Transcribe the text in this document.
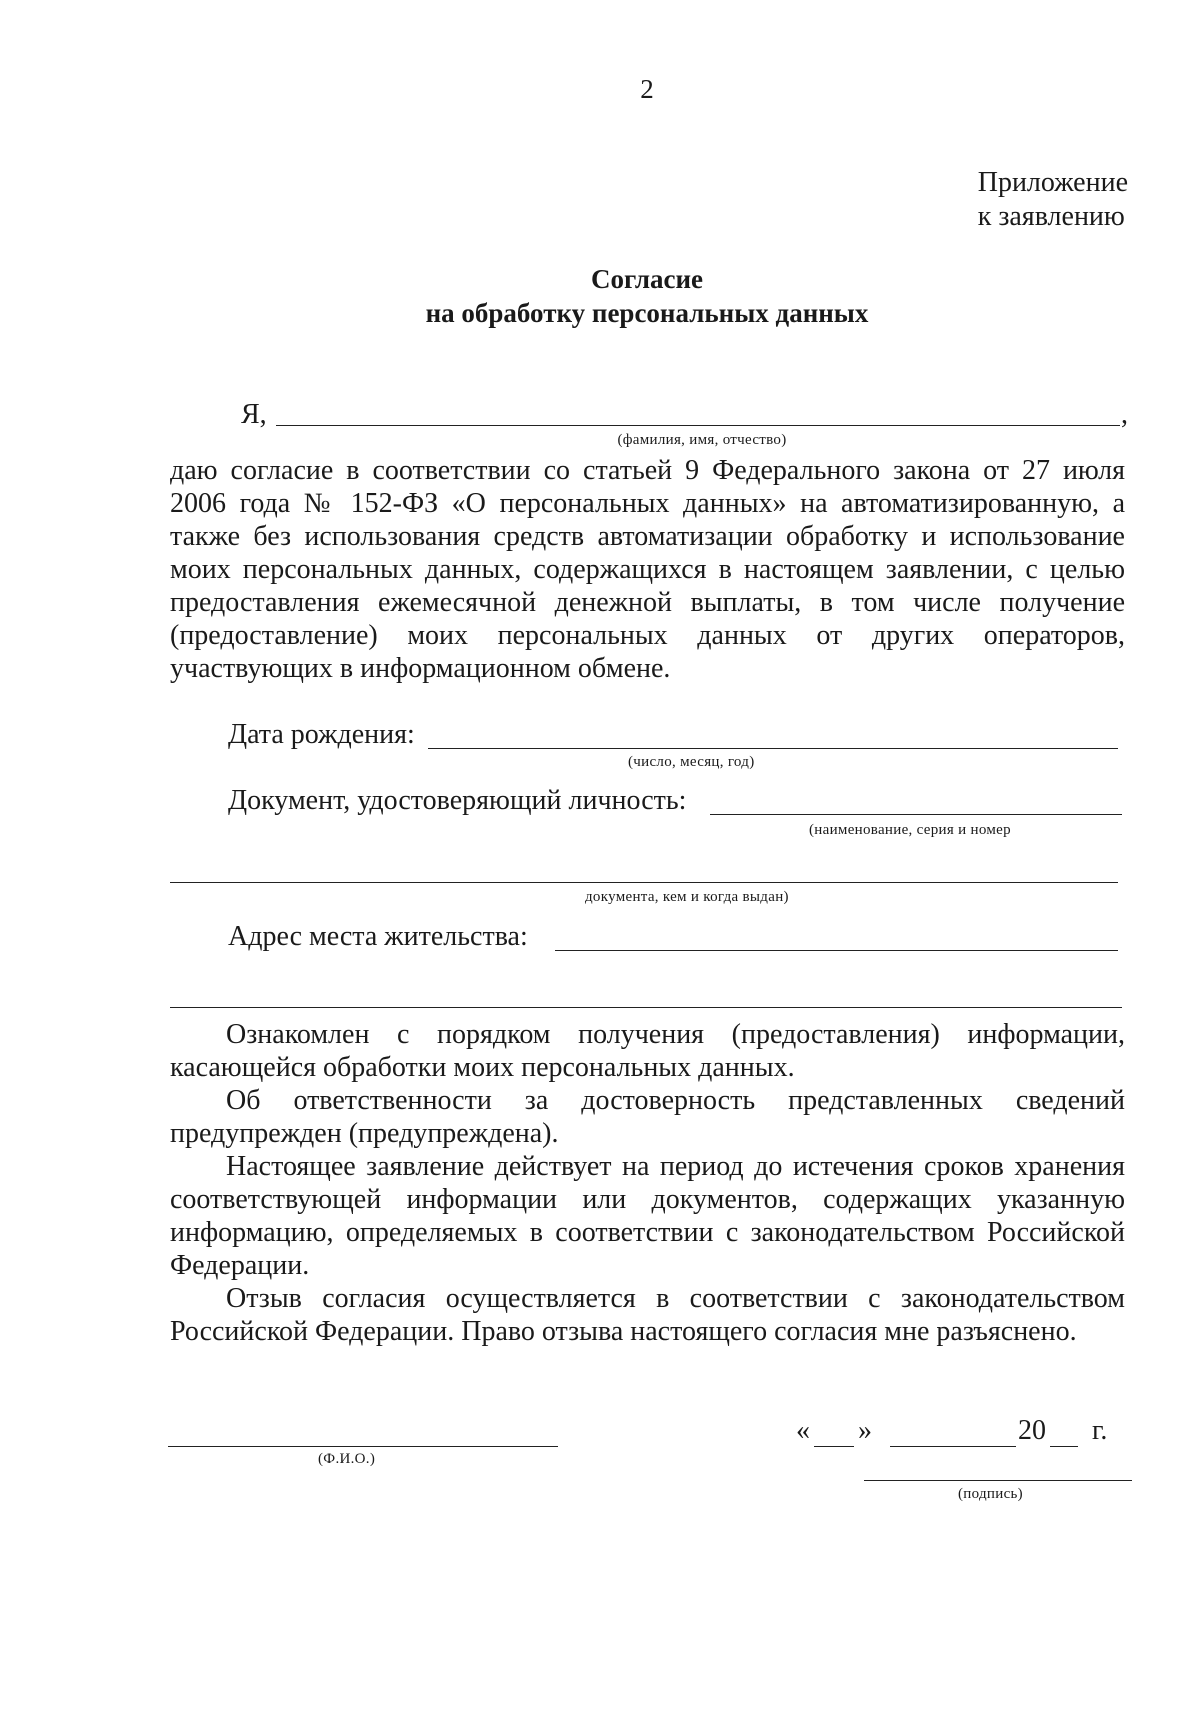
2
Приложение
к заявлению
Согласие
на обработку персональных данных
Я,	,
(фамилия, имя, отчество)
даю согласие в соответствии со статьей 9 Федерального закона от 27 июля
2006 года № 152-ФЗ «О персональных данных» на автоматизированную, а
также без использования средств автоматизации обработку и использование
моих персональных данных, содержащихся в настоящем заявлении, с целью
предоставления ежемесячной денежной выплаты, в том числе получение
(предоставление) моих персональных данных от других операторов,
участвующих в информационном обмене.
Дата рождения:
(число, месяц, год)
Документ, удостоверяющий личность:
(наименование, серия и номер
документа, кем и когда выдан)
Адрес места жительства:
Ознакомлен с порядком получения (предоставления) информации,
касающейся обработки моих персональных данных.
Об ответственности за достоверность представленных сведений
предупрежден (предупреждена).
Настоящее заявление действует на период до истечения сроков хранения
соответствующей информации или документов, содержащих указанную
информацию, определяемых в соответствии с законодательством Российской
Федерации.
Отзыв согласия осуществляется в соответствии с законодательством
Российской Федерации. Право отзыва настоящего согласия мне разъяснено.
(Ф.И.О.)
« »	20 г.
(подпись)
